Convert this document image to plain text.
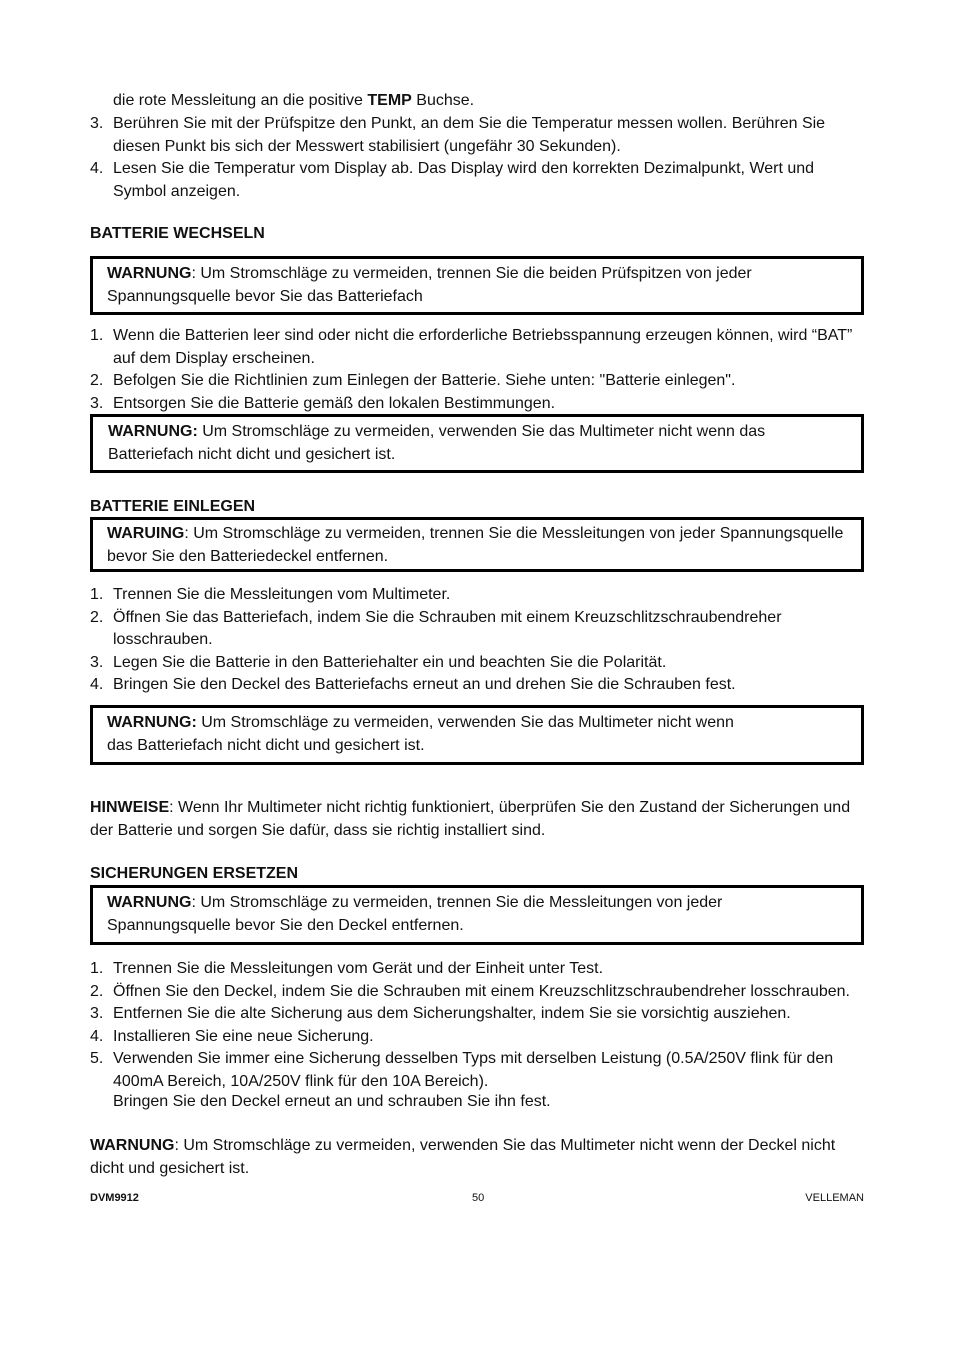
die rote Messleitung an die positive TEMP Buchse.
3. Berühren Sie mit der Prüfspitze den Punkt, an dem Sie die Temperatur messen wollen. Berühren Sie diesen Punkt bis sich der Messwert stabilisiert (ungefähr 30 Sekunden).
4. Lesen Sie die Temperatur vom Display ab. Das Display wird den korrekten Dezimalpunkt, Wert und Symbol anzeigen.
BATTERIE WECHSELN
WARNUNG: Um Stromschläge zu vermeiden, trennen Sie die beiden Prüfspitzen von jeder Spannungsquelle bevor Sie das Batteriefach
1. Wenn die Batterien leer sind oder nicht die erforderliche Betriebsspannung erzeugen können, wird “BAT” auf dem Display erscheinen.
2. Befolgen Sie die Richtlinien zum Einlegen der Batterie. Siehe unten: "Batterie einlegen".
3. Entsorgen Sie die Batterie gemäß den lokalen Bestimmungen.
WARNUNG: Um Stromschläge zu vermeiden, verwenden Sie das Multimeter nicht wenn das Batteriefach nicht dicht und gesichert ist.
BATTERIE EINLEGEN
WARUING: Um Stromschläge zu vermeiden, trennen Sie die Messleitungen von jeder Spannungsquelle bevor Sie den Batteriedeckel entfernen.
1. Trennen Sie die Messleitungen vom Multimeter.
2. Öffnen Sie das Batteriefach, indem Sie die Schrauben mit einem Kreuzschlitzschraubendreher losschrauben.
3. Legen Sie die Batterie in den Batteriehalter ein und beachten Sie die Polarität.
4. Bringen Sie den Deckel des Batteriefachs erneut an und drehen Sie die Schrauben fest.
WARNUNG: Um Stromschläge zu vermeiden, verwenden Sie das Multimeter nicht wenn das Batteriefach nicht dicht und gesichert ist.
HINWEISE: Wenn Ihr Multimeter nicht richtig funktioniert, überprüfen Sie den Zustand der Sicherungen und der Batterie und sorgen Sie dafür, dass sie richtig installiert sind.
SICHERUNGEN ERSETZEN
WARNUNG: Um Stromschläge zu vermeiden, trennen Sie die Messleitungen von jeder Spannungsquelle bevor Sie den Deckel entfernen.
1. Trennen Sie die Messleitungen vom Gerät und der Einheit unter Test.
2. Öffnen Sie den Deckel, indem Sie die Schrauben mit einem Kreuzschlitzschraubendreher losschrauben.
3. Entfernen Sie die alte Sicherung aus dem Sicherungshalter, indem Sie sie vorsichtig ausziehen.
4. Installieren Sie eine neue Sicherung.
5. Verwenden Sie immer eine Sicherung desselben Typs mit derselben Leistung (0.5A/250V flink für den 400mA Bereich, 10A/250V flink für den 10A Bereich).
Bringen Sie den Deckel erneut an und schrauben Sie ihn fest.
WARNUNG: Um Stromschläge zu vermeiden, verwenden Sie das Multimeter nicht wenn der Deckel nicht dicht und gesichert ist.
DVM9912	50	VELLEMAN
